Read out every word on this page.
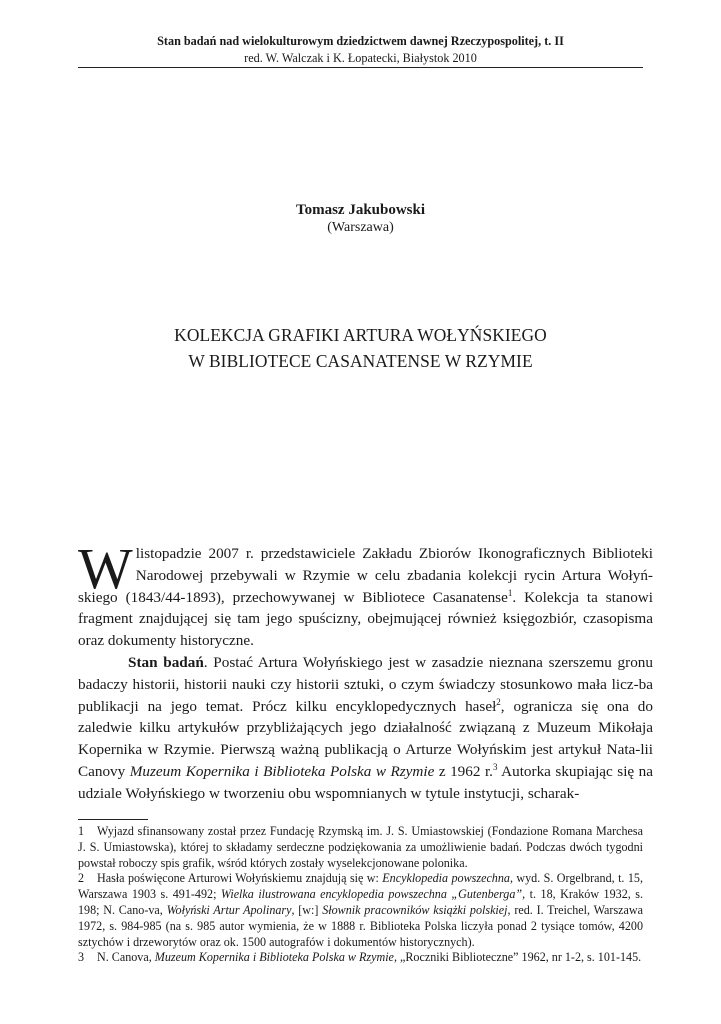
Stan badań nad wielokulturowym dziedzictwem dawnej Rzeczypospolitej, t. II
red. W. Walczak i K. Łopatecki, Białystok 2010
Tomasz Jakubowski
(Warszawa)
KOLEKCJA GRAFIKI ARTURA WOŁYŃSKIEGO
W BIBLIOTECE CASANATENSE W RZYMIE

W listopadzie 2007 r. przedstawiciele Zakładu Zbiorów Ikonograficznych Biblioteki Narodowej przebywali w Rzymie w celu zbadania kolekcji rycin Artura Wołyń-skiego (1843/44-1893), przechowywanej w Bibliotece Casanatense$^1$. Kolekcja ta stanowi fragment znajdującej się tam jego spuścizny, obejmującej również księgozbiór, czasopisma oraz dokumenty historyczne.

Stan badań. Postać Artura Wołyńskiego jest w zasadzie nieznana szerszemu gronu badaczy historii, historii nauki czy historii sztuki, o czym świadczy stosunkowo mała licz-ba publikacji na jego temat. Prócz kilku encyklopedycznych haseł$^2$, ogranicza się ona do zaledwie kilku artykułów przybliżających jego działalność związaną z Muzeum Mikołaja Kopernika w Rzymie. Pierwszą ważną publikacją o Arturze Wołyńskim jest artykuł Nata-lii Canovy Muzeum Kopernika i Biblioteka Polska w Rzymie z 1962 r.$^3$ Autorka skupiając się na udziale Wołyńskiego w tworzeniu obu wspomnianych w tytule instytucji, scharak-

1 Wyjazd sfinansowany został przez Fundację Rzymską im. J. S. Umiastowskiej (Fondazione Romana Marchesa J. S. Umiastowska), której to składamy serdeczne podziękowania za umożliwienie badań. Podczas dwóch tygodni powstał roboczy spis grafik, wśród których zostały wyselekcjonowane polonika.

2 Hasła poświęcone Arturowi Wołyńskiemu znajdują się w: Encyklopedia powszechna, wyd. S. Orgelbrand, t. 15, Warszawa 1903 s. 491-492; Wielka ilustrowana encyklopedia powszechna „Gutenberga”, t. 18, Kraków 1932, s. 198; N. Cano-va, Wołyński Artur Apolinary, [w:] Słownik pracowników książki polskiej, red. I. Treichel, Warszawa 1972, s. 984-985 (na s. 985 autor wymienia, że w 1888 r. Biblioteka Polska liczyła ponad 2 tysiące tomów, 4200 sztychów i drzeworytów oraz ok. 1500 autografów i dokumentów historycznych).

3 N. Canova, Muzeum Kopernika i Biblioteka Polska w Rzymie, „Roczniki Biblioteczne” 1962, nr 1-2, s. 101-145.
